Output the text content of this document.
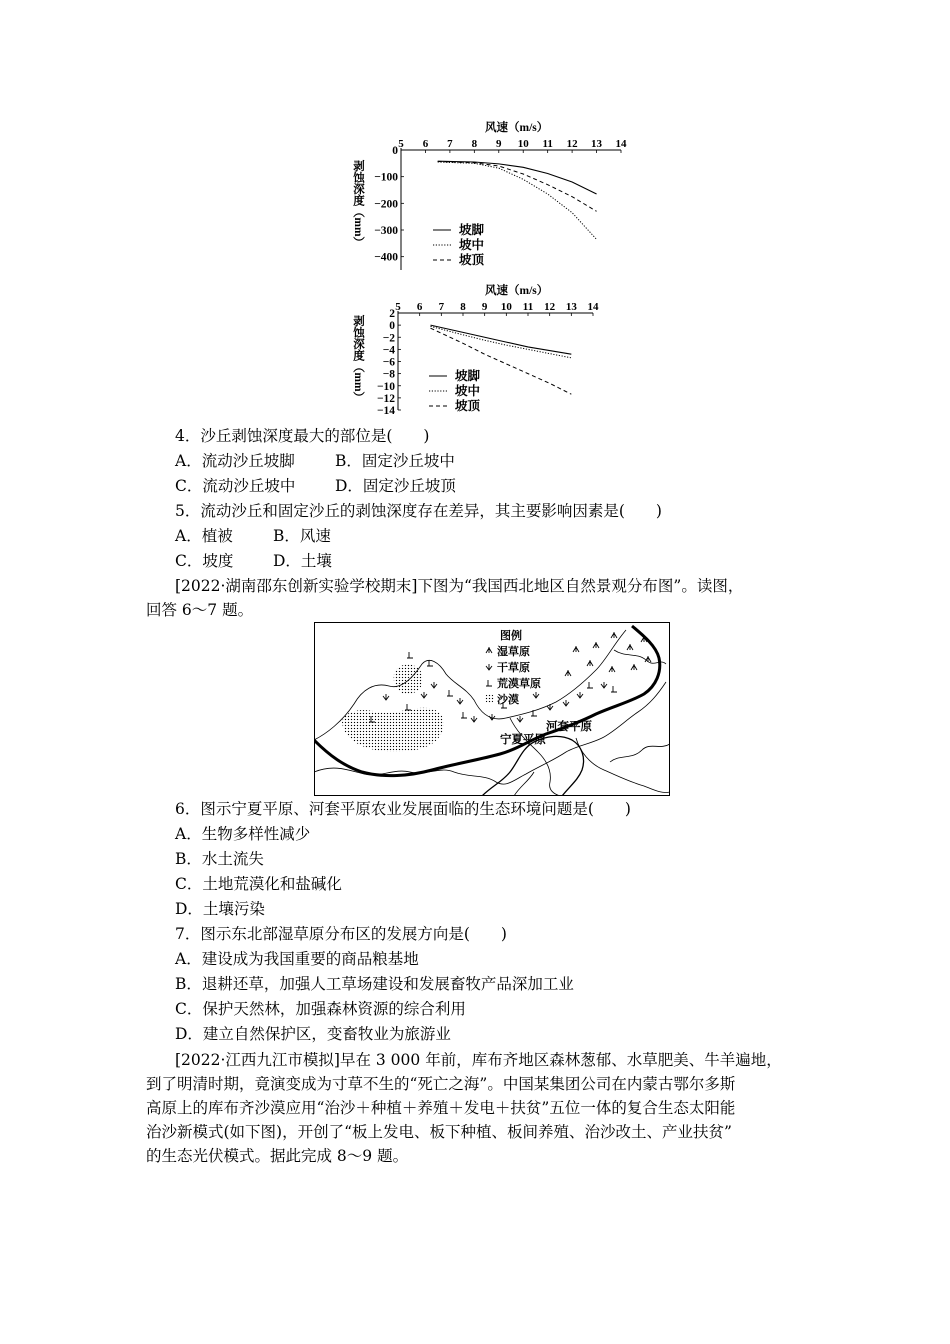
5 6 7 8 9 10 11 12 13 14
风速（m/s）
0
−100
−200
−300
−400
剥蚀深度（mm）	坡脚
坡中
坡顶
5 6 7 8 9 10 11 12 13 14
风速（m/s）
2
0
−2
−4
−6
−8
−10
−12
−14
剥蚀深度（mm）	坡脚
坡中
坡顶
4．沙丘剥蚀深度最大的部位是(　　)
A．流动沙丘坡脚	B．固定沙丘坡中
C．流动沙丘坡中	D．固定沙丘坡顶
5．流动沙丘和固定沙丘的剥蚀深度存在差异，其主要影响因素是(　　)
A．植被	B．风速
C．坡度	D．土壤
[2022·湖南邵东创新实验学校期末]下图为“我国西北地区自然景观分布图”。读图，
回答 6～7 题。
图例
湿草原
干草原
荒漠草原
沙漠
河套平原
宁夏平原
6．图示宁夏平原、河套平原农业发展面临的生态环境问题是(　　)
A．生物多样性减少
B．水土流失
C．土地荒漠化和盐碱化
D．土壤污染
7．图示东北部湿草原分布区的发展方向是(　　)
A．建设成为我国重要的商品粮基地
B．退耕还草，加强人工草场建设和发展畜牧产品深加工业
C．保护天然林，加强森林资源的综合利用
D．建立自然保护区，变畜牧业为旅游业
[2022·江西九江市模拟]早在 3 000 年前，库布齐地区森林葱郁、水草肥美、牛羊遍地，
到了明清时期，竟演变成为寸草不生的“死亡之海”。中国某集团公司在内蒙古鄂尔多斯
高原上的库布齐沙漠应用“治沙＋种植＋养殖＋发电＋扶贫”五位一体的复合生态太阳能
治沙新模式(如下图)，开创了“板上发电、板下种植、板间养殖、治沙改土、产业扶贫”
的生态光伏模式。据此完成 8～9 题。
